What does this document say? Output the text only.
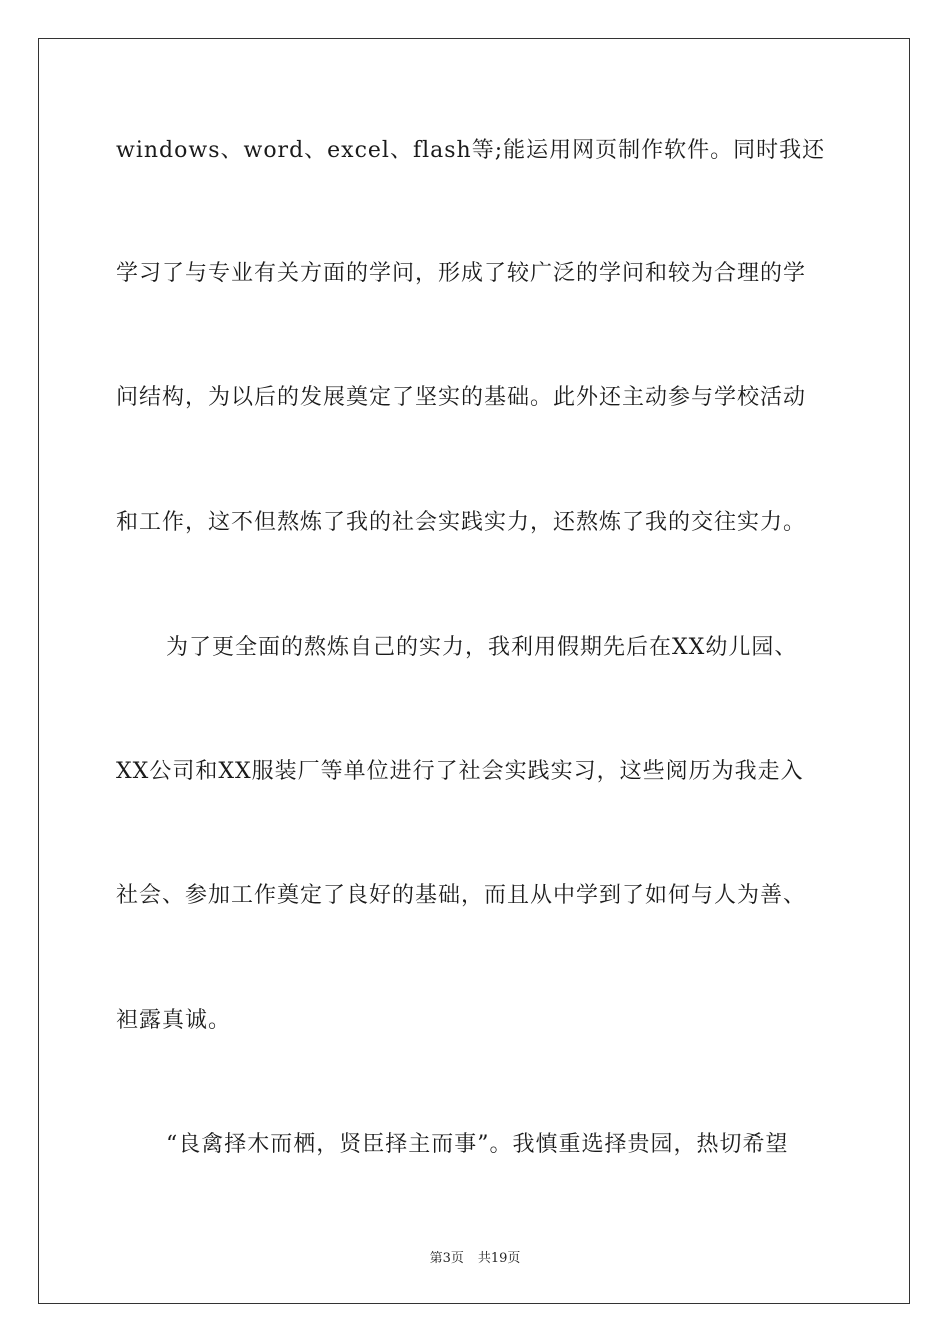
windows、word、excel、flash等;能运用网页制作软件。同时我还
学习了与专业有关方面的学问，形成了较广泛的学问和较为合理的学
问结构，为以后的发展奠定了坚实的基础。此外还主动参与学校活动
和工作，这不但熬炼了我的社会实践实力，还熬炼了我的交往实力。
为了更全面的熬炼自己的实力，我利用假期先后在XX幼儿园、
XX公司和XX服装厂等单位进行了社会实践实习，这些阅历为我走入
社会、参加工作奠定了良好的基础，而且从中学到了如何与人为善、
袒露真诚。
“良禽择木而栖，贤臣择主而事”。我慎重选择贵园，热切希望
第3页 共19页
